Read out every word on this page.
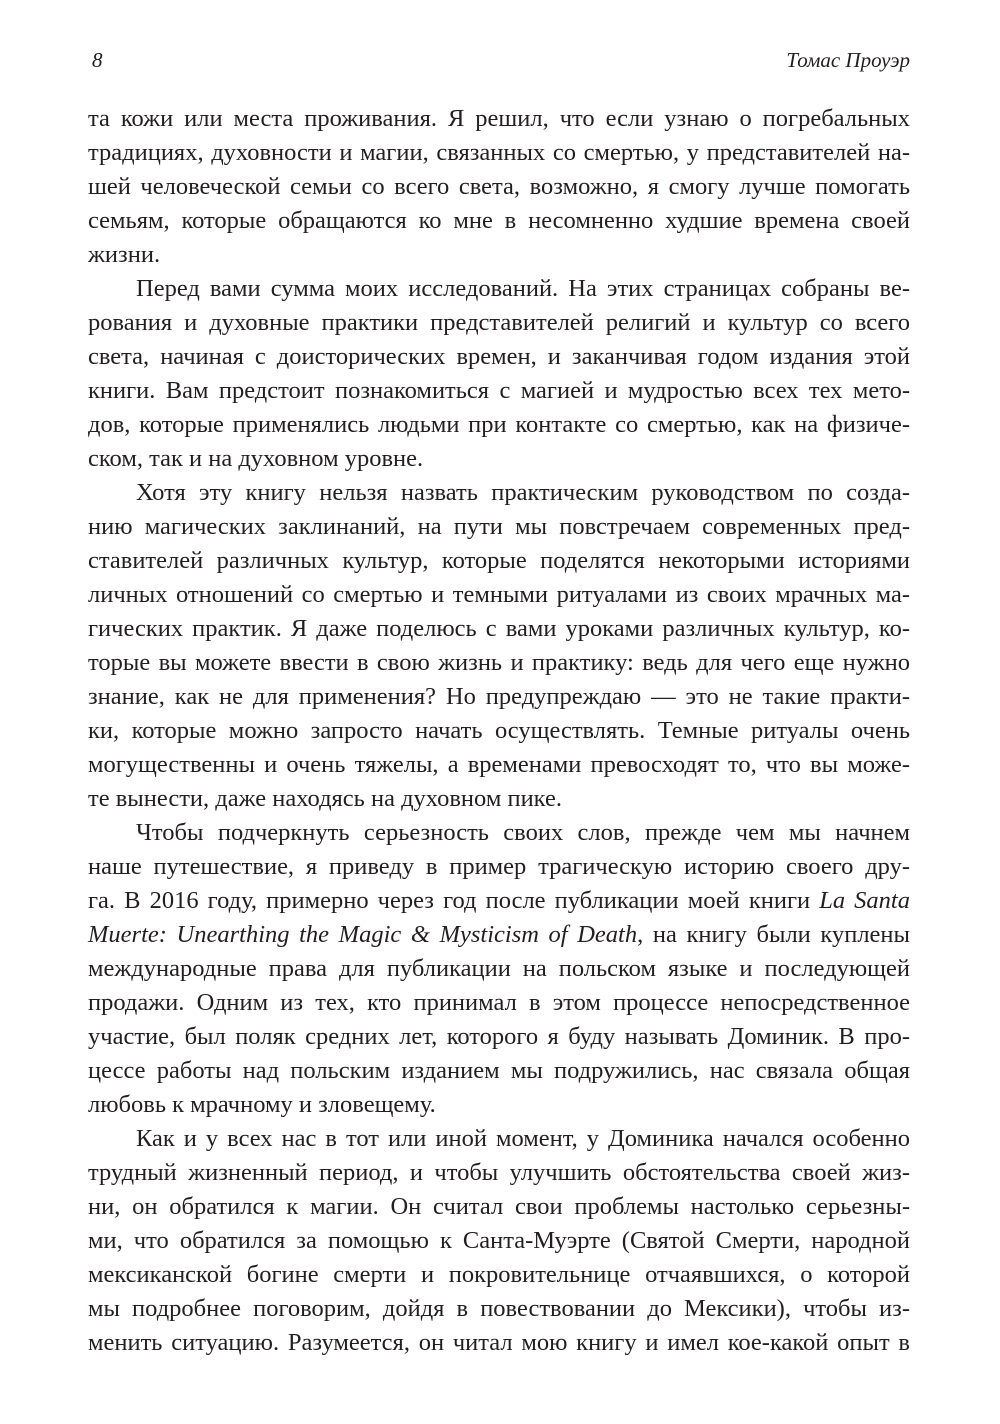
8	Томас Проуэр
та кожи или места проживания. Я решил, что если узнаю о погребальных
традициях, духовности и магии, связанных со смертью, у представителей на-
шей человеческой семьи со всего света, возможно, я смогу лучше помогать
семьям, которые обращаются ко мне в несомненно худшие времена своей
жизни.
Перед вами сумма моих исследований. На этих страницах собраны ве-
рования и духовные практики представителей религий и культур со всего
света, начиная с доисторических времен, и заканчивая годом издания этой
книги. Вам предстоит познакомиться с магией и мудростью всех тех мето-
дов, которые применялись людьми при контакте со смертью, как на физиче-
ском, так и на духовном уровне.
Хотя эту книгу нельзя назвать практическим руководством по созда-
нию магических заклинаний, на пути мы повстречаем современных пред-
ставителей различных культур, которые поделятся некоторыми историями
личных отношений со смертью и темными ритуалами из своих мрачных ма-
гических практик. Я даже поделюсь с вами уроками различных культур, ко-
торые вы можете ввести в свою жизнь и практику: ведь для чего еще нужно
знание, как не для применения? Но предупреждаю — это не такие практи-
ки, которые можно запросто начать осуществлять. Темные ритуалы очень
могущественны и очень тяжелы, а временами превосходят то, что вы може-
те вынести, даже находясь на духовном пике.
Чтобы подчеркнуть серьезность своих слов, прежде чем мы начнем
наше путешествие, я приведу в пример трагическую историю своего дру-
га. В 2016 году, примерно через год после публикации моей книги La Santa
Muerte: Unearthing the Magic & Mysticism of Death, на книгу были куплены
международные права для публикации на польском языке и последующей
продажи. Одним из тех, кто принимал в этом процессе непосредственное
участие, был поляк средних лет, которого я буду называть Доминик. В про-
цессе работы над польским изданием мы подружились, нас связала общая
любовь к мрачному и зловещему.
Как и у всех нас в тот или иной момент, у Доминика начался особенно
трудный жизненный период, и чтобы улучшить обстоятельства своей жиз-
ни, он обратился к магии. Он считал свои проблемы настолько серьезны-
ми, что обратился за помощью к Санта-Муэрте (Святой Смерти, народной
мексиканской богине смерти и покровительнице отчаявшихся, о которой
мы подробнее поговорим, дойдя в повествовании до Мексики), чтобы из-
менить ситуацию. Разумеется, он читал мою книгу и имел кое-какой опыт в
